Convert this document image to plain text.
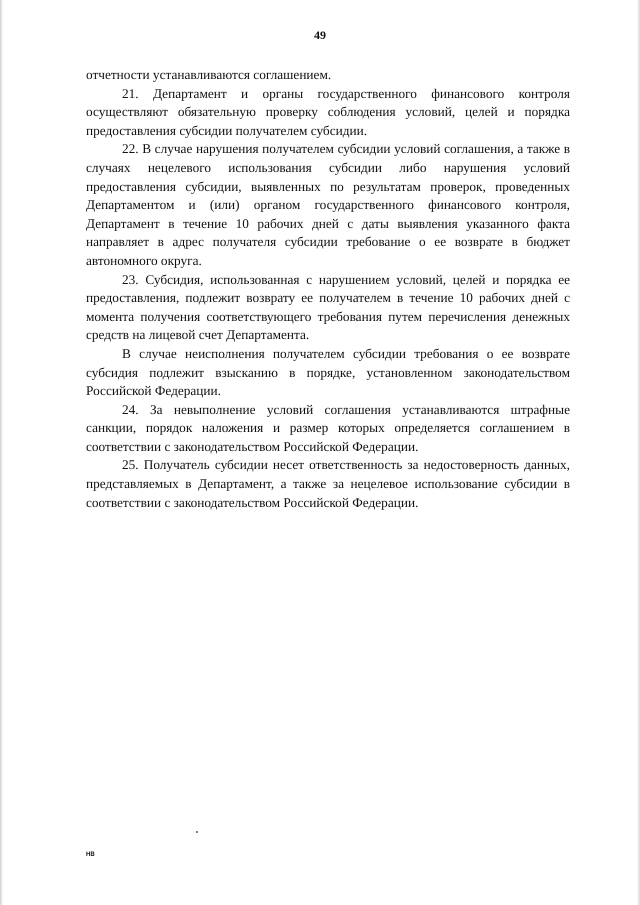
49

отчетности устанавливаются соглашением.

21. Департамент и органы государственного финансового контроля осуществляют обязательную проверку соблюдения условий, целей и порядка предоставления субсидии получателем субсидии.

22. В случае нарушения получателем субсидии условий соглашения, а также в случаях нецелевого использования субсидии либо нарушения условий предоставления субсидии, выявленных по результатам проверок, проведенных Департаментом и (или) органом государственного финансового контроля, Департамент в течение 10 рабочих дней с даты выявления указанного факта направляет в адрес получателя субсидии требование о ее возврате в бюджет автономного округа.

23. Субсидия, использованная с нарушением условий, целей и порядка ее предоставления, подлежит возврату ее получателем в течение 10 рабочих дней с момента получения соответствующего требования путем перечисления денежных средств на лицевой счет Департамента.

В случае неисполнения получателем субсидии требования о ее возврате субсидия подлежит взысканию в порядке, установленном законодательством Российской Федерации.

24. За невыполнение условий соглашения устанавливаются штрафные санкции, порядок наложения и размер которых определяется соглашением в соответствии с законодательством Российской Федерации.

25. Получатель субсидии несет ответственность за недостоверность данных, представляемых в Департамент, а также за нецелевое использование субсидии в соответствии с законодательством Российской Федерации.

НВ
